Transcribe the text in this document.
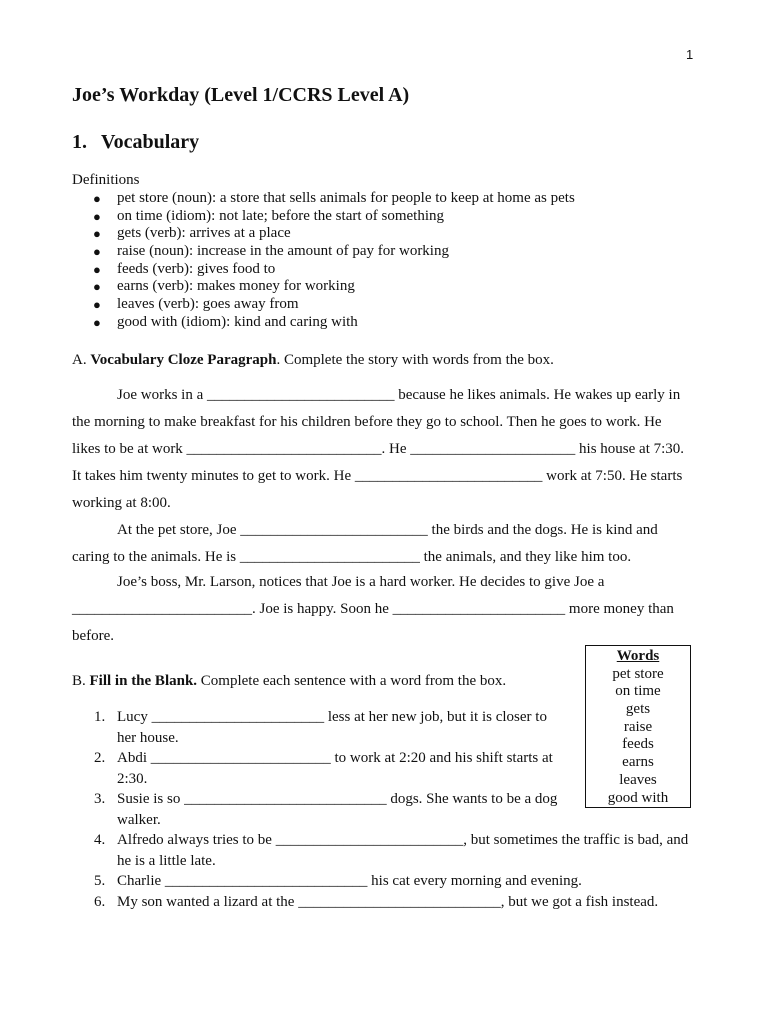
1
Joe’s Workday (Level 1/CCRS Level A)
1. Vocabulary
Definitions
● pet store (noun): a store that sells animals for people to keep at home as pets
● on time (idiom): not late; before the start of something
● gets (verb): arrives at a place
● raise (noun): increase in the amount of pay for working
● feeds (verb): gives food to
● earns (verb): makes money for working
● leaves (verb): goes away from
● good with (idiom): kind and caring with
A. Vocabulary Cloze Paragraph. Complete the story with words from the box.
Joe works in a _________________________ because he likes animals. He wakes up early in
the morning to make breakfast for his children before they go to school. Then he goes to work. He
likes to be at work __________________________. He ______________________ his house at 7:30.
It takes him twenty minutes to get to work. He _________________________ work at 7:50. He starts
working at 8:00.
At the pet store, Joe _________________________ the birds and the dogs. He is kind and
caring to the animals. He is ________________________ the animals, and they like him too.
Joe’s boss, Mr. Larson, notices that Joe is a hard worker. He decides to give Joe a
________________________. Joe is happy. Soon he _______________________ more money than
before.
Words
pet store
on time
gets
raise
feeds
earns
leaves
good with
B. Fill in the Blank. Complete each sentence with a word from the box.
1. Lucy _______________________ less at her new job, but it is closer to
her house.
2. Abdi ________________________ to work at 2:20 and his shift starts at
2:30.
3. Susie is so ___________________________ dogs. She wants to be a dog
walker.
4. Alfredo always tries to be _________________________, but sometimes the traffic is bad, and
he is a little late.
5. Charlie ___________________________ his cat every morning and evening.
6. My son wanted a lizard at the ___________________________, but we got a fish instead.
